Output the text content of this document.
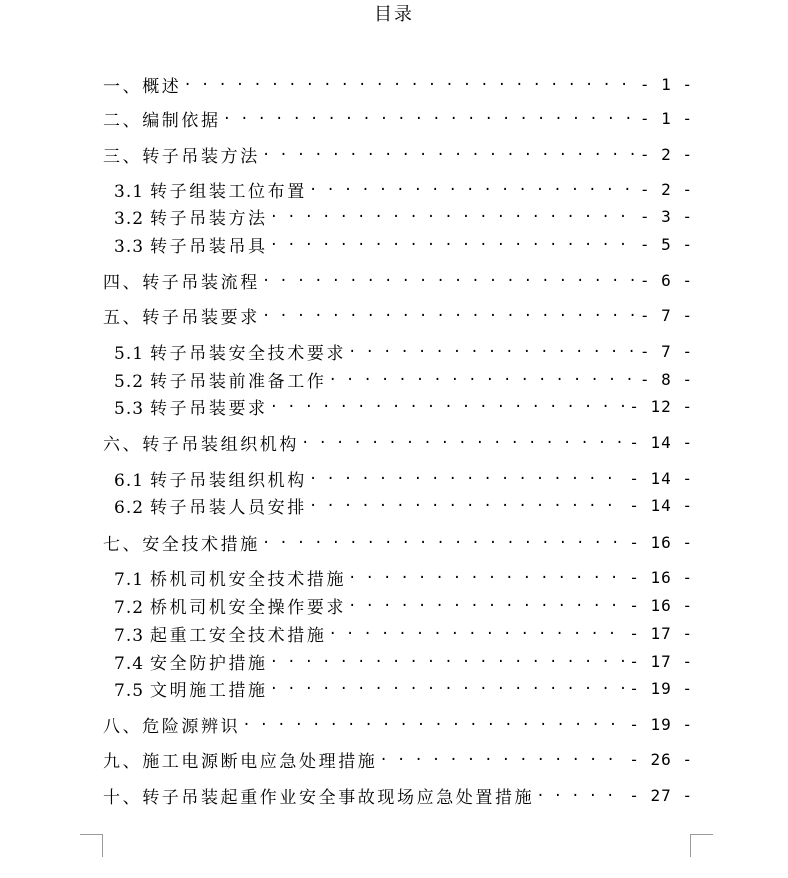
目录
一、概述 . . .	- 1 -
二、编制依据 . . .	- 1 -
三、转子吊装方法 . . .	- 2 -
3.1 转子组装工位布置 . . .	- 2 -
3.2 转子吊装方法 . . .	- 3 -
3.3 转子吊装吊具 . . .	- 5 -
四、转子吊装流程 . . .	- 6 -
五、转子吊装要求 . . .	- 7 -
5.1 转子吊装安全技术要求 . . .	- 7 -
5.2 转子吊装前准备工作 . . .	- 8 -
5.3 转子吊装要求 . . .	- 12 -
六、转子吊装组织机构 . . .	- 14 -
6.1 转子吊装组织机构 . . .	- 14 -
6.2 转子吊装人员安排 . . .	- 14 -
七、安全技术措施 . . .	- 16 -
7.1 桥机司机安全技术措施 . . .	- 16 -
7.2 桥机司机安全操作要求 . . .	- 16 -
7.3 起重工安全技术措施 . . .	- 17 -
7.4 安全防护措施 . . .	- 17 -
7.5 文明施工措施 . . .	- 19 -
八、危险源辨识 . . .	- 19 -
九、施工电源断电应急处理措施 . . .	- 26 -
十、转子吊装起重作业安全事故现场应急处置措施 . . .	- 27 -
